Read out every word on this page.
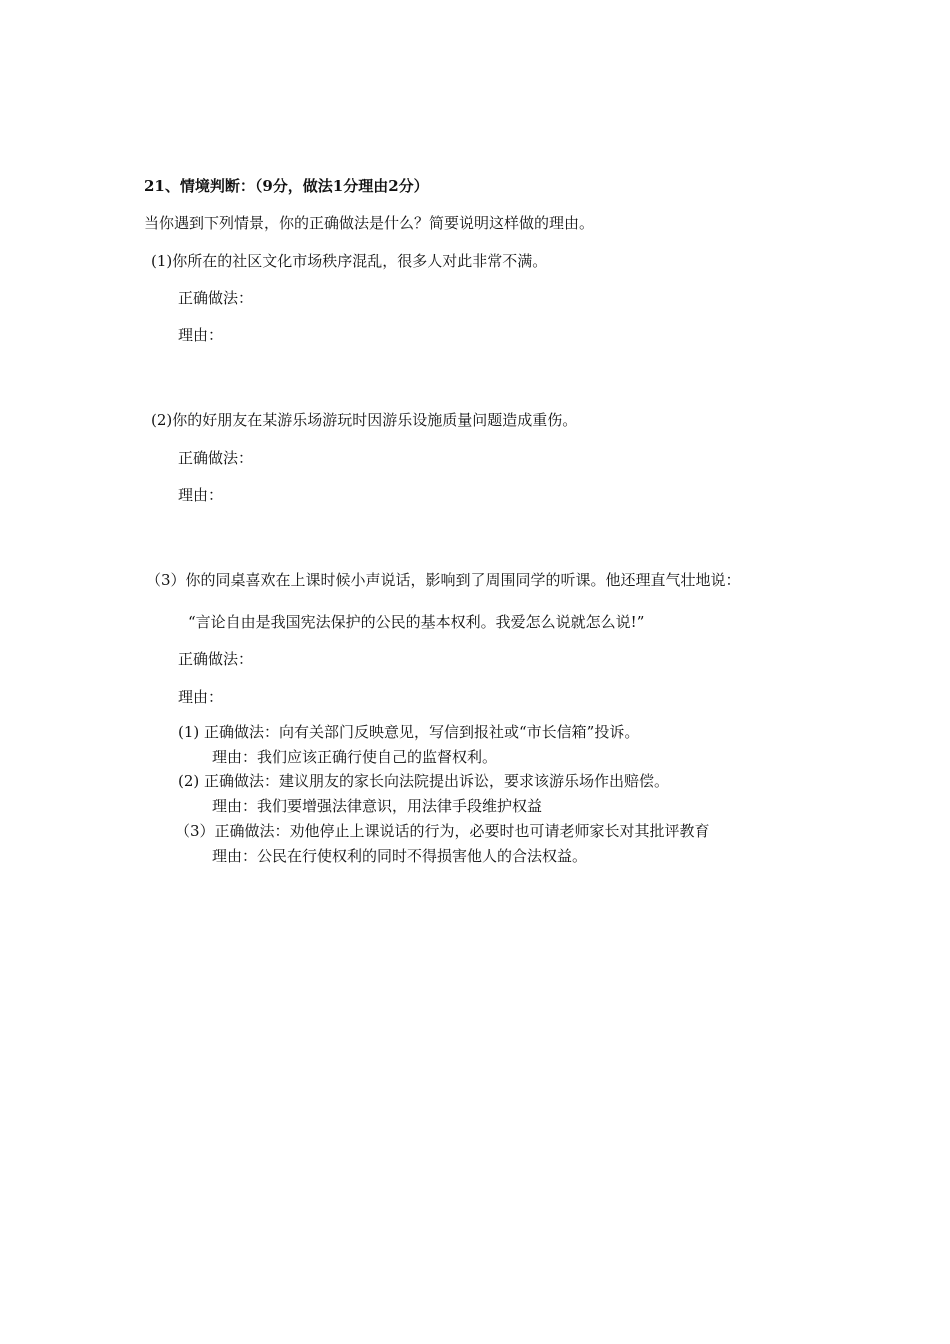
21、情境判断：（9分，做法1分理由2分）
当你遇到下列情景，你的正确做法是什么？简要说明这样做的理由。
(1)你所在的社区文化市场秩序混乱，很多人对此非常不满。
正确做法：
理由：
(2)你的好朋友在某游乐场游玩时因游乐设施质量问题造成重伤。
正确做法：
理由：
（3）你的同桌喜欢在上课时候小声说话，影响到了周围同学的听课。他还理直气壮地说：
“言论自由是我国宪法保护的公民的基本权利。我爱怎么说就怎么说!”
正确做法：
理由：
(1) 正确做法：向有关部门反映意见，写信到报社或“市长信箱”投诉。
理由：我们应该正确行使自己的监督权利。
(2) 正确做法：建议朋友的家长向法院提出诉讼，要求该游乐场作出赔偿。
理由：我们要增强法律意识，用法律手段维护权益
（3）正确做法：劝他停止上课说话的行为，必要时也可请老师家长对其批评教育
理由：公民在行使权利的同时不得损害他人的合法权益。
